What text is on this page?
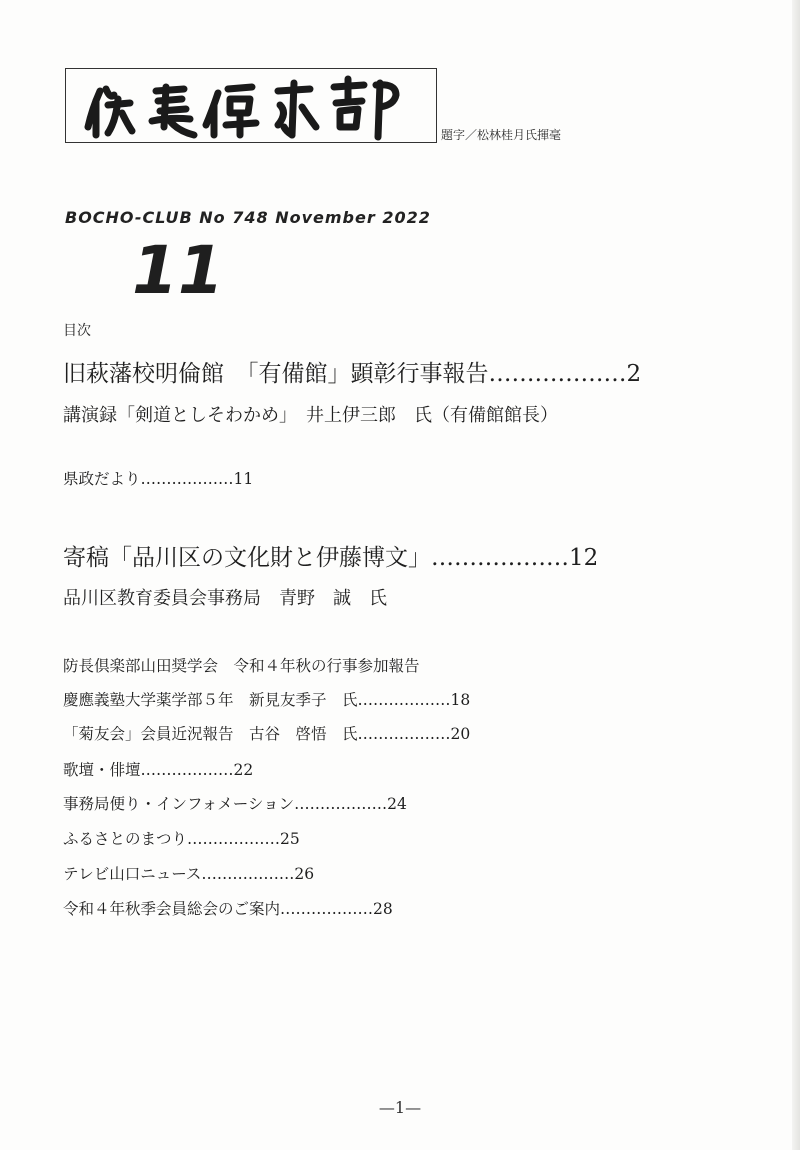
題字／松林桂月氏揮毫
BOCHO-CLUB No 748 November 2022
11
目次
旧萩藩校明倫館　「有備館」顕彰行事報告………………2
講演録「剣道としそわかめ」　井上伊三郎　氏（有備館館長）
県政だより………………11
寄稿「品川区の文化財と伊藤博文」………………12
品川区教育委員会事務局　青野　誠　氏
防長倶楽部山田奨学会　令和４年秋の行事参加報告
慶應義塾大学薬学部５年　新見友季子　氏………………18
「菊友会」会員近況報告　古谷　啓悟　氏………………20
歌壇・俳壇………………22
事務局便り・インフォメーション………………24
ふるさとのまつり………………25
テレビ山口ニュース………………26
令和４年秋季会員総会のご案内………………28
—1—
